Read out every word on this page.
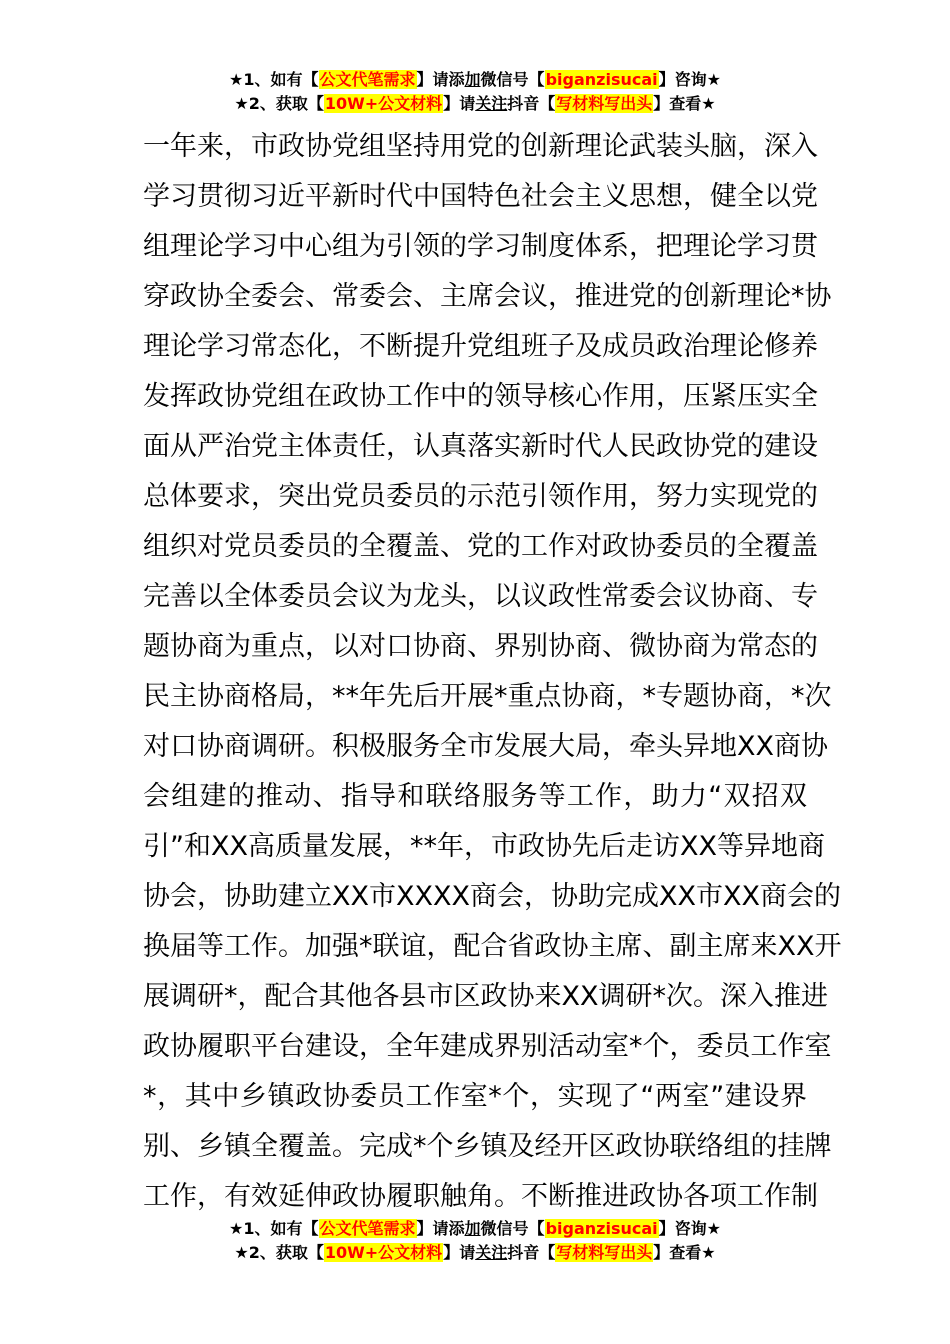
★1、如有【公文代笔需求】请添加微信号【biganzisucai】咨询★
★2、获取【10W+公文材料】请关注抖音【写材料写出头】查看★
一年来，市政协党组坚持用党的创新理论武装头脑，深入
学习贯彻习近平新时代中国特色社会主义思想，健全以党
组理论学习中心组为引领的学习制度体系，把理论学习贯
穿政协全委会、常委会、主席会议，推进党的创新理论*协
理论学习常态化，不断提升党组班子及成员政治理论修养
发挥政协党组在政协工作中的领导核心作用，压紧压实全
面从严治党主体责任，认真落实新时代人民政协党的建设
总体要求，突出党员委员的示范引领作用，努力实现党的
组织对党员委员的全覆盖、党的工作对政协委员的全覆盖
完善以全体委员会议为龙头，以议政性常委会议协商、专
题协商为重点，以对口协商、界别协商、微协商为常态的
民主协商格局，**年先后开展*重点协商，*专题协商，*次
对口协商调研。积极服务全市发展大局，牵头异地XX商协
会组建的推动、指导和联络服务等工作，助力“双招双
引”和XX高质量发展，**年，市政协先后走访XX等异地商
协会，协助建立XX市XXXX商会，协助完成XX市XX商会的
换届等工作。加强*联谊，配合省政协主席、副主席来XX开
展调研*，配合其他各县市区政协来XX调研*次。深入推进
政协履职平台建设，全年建成界别活动室*个，委员工作室
*，其中乡镇政协委员工作室*个，实现了“两室”建设界
别、乡镇全覆盖。完成*个乡镇及经开区政协联络组的挂牌
工作，有效延伸政协履职触角。不断推进政协各项工作制
★1、如有【公文代笔需求】请添加微信号【biganzisucai】咨询★
★2、获取【10W+公文材料】请关注抖音【写材料写出头】查看★
